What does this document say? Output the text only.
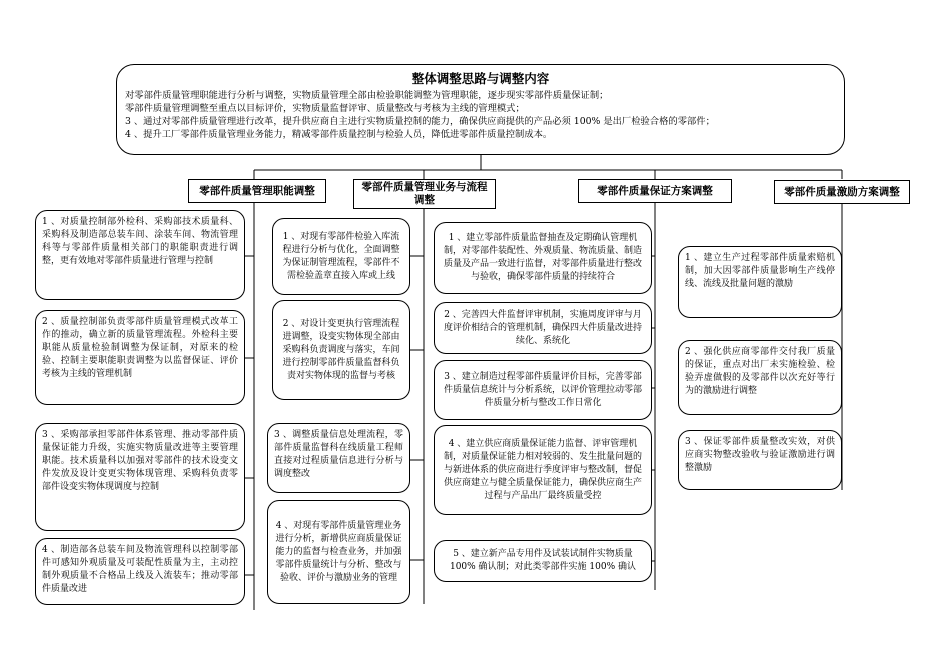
整体调整思路与调整内容
对零部件质量管理职能进行分析与调整，实物质量管理全部由检验职能调整为管理职能，逐步现实零部件质量保证制；
零部件质量管理调整至重点以目标评价，实物质量监督评审、质量整改与考核为主线的管理模式；
3 、通过对零部件质量管理进行改革，提升供应商自主进行实物质量控制的能力，确保供应商提供的产品必须 100% 是出厂检验合格的零部件；
4 、提升工厂零部件质量管理业务能力，精减零部件质量控制与检验人员，降低进零部件质量控制成本。
零部件质量管理职能调整	零部件质量管理业务与流程调整
零部件质量保证方案调整	零部件质量激励方案调整
1 、对质量控制部外检科、采购部技术质量科、采购科及制造部总装车间、涂装车间、物流管理科等与零部件质量相关部门的职能职责进行调整，更有效地对零部件质量进行管理与控制
2 、质量控制部负责零部件质量管理模式改革工作的推动，确立新的质量管理流程。外检科主要职能从质量检验制调整为保证制，对原来的检验、控制主要职能职责调整为以监督保证、评价考核为主线的管理机制
3 、采购部承担零部件体系管理、推动零部件质量保证能力升级，实施实物质量改进等主要管理职能。技术质量科以加强对零部件的技术设变文件发放及设计变更实物体现管理、采购科负责零部件设变实物体现调度与控制
4 、制造部各总装车间及物流管理科以控制零部件可感知外观质量及可装配性质量为主，主动控制外观质量不合格品上线及入流装车；推动零部件质量改进
1 、对现有零部件检验入库流程进行分析与优化，全面调整为保证制管理流程，零部件不需检验盖章直接入库或上线
2 、对设计变更执行管理流程进调整，设变实物体现全部由采购科负责调度与落实，车间进行控制零部件质量监督科负责对实物体现的监督与考核
3 、调整质量信息处理流程，零部件质量监督科在线质量工程师直接对过程质量信息进行分析与调度整改
4 、对现有零部件质量管理业务进行分析，新增供应商质量保证能力的监督与检查业务，并加强零部件质量统计与分析、整改与验收、评价与激励业务的管理
1 、建立零部件质量监督抽查及定期确认管理机制，对零部件装配性、外观质量、物流质量、制造质量及产品一致进行监督，对零部件质量进行整改与验收，确保零部件质量的持续符合
2 、完善四大件监督评审机制，实施周度评审与月度评价相结合的管理机制，确保四大件质量改进持续化、系统化
3 、建立制造过程零部件质量评价目标，完善零部件质量信息统计与分析系统，以评价管理拉动零部件质量分析与整改工作日常化
4 、建立供应商质量保证能力监督、评审管理机制，对质量保证能力相对较弱的、发生批量问题的与新进体系的供应商进行季度评审与整改制，督促供应商建立与健全质量保证能力，确保供应商生产过程与产品出厂最终质量受控
5 、建立新产品专用件及试装试制件实物质量100% 确认制；对此类零部件实施 100% 确认
1 、建立生产过程零部件质量索赔机制，加大因零部件质量影响生产线停线、流线及批量问题的激励
2 、强化供应商零部件交付我厂质量的保证，重点对出厂未实施检验、检验弄虚做假的及零部件以次充好等行为的激励进行调整
3 、保证零部件质量整改实效，对供应商实物整改验收与验证激励进行调整激励
